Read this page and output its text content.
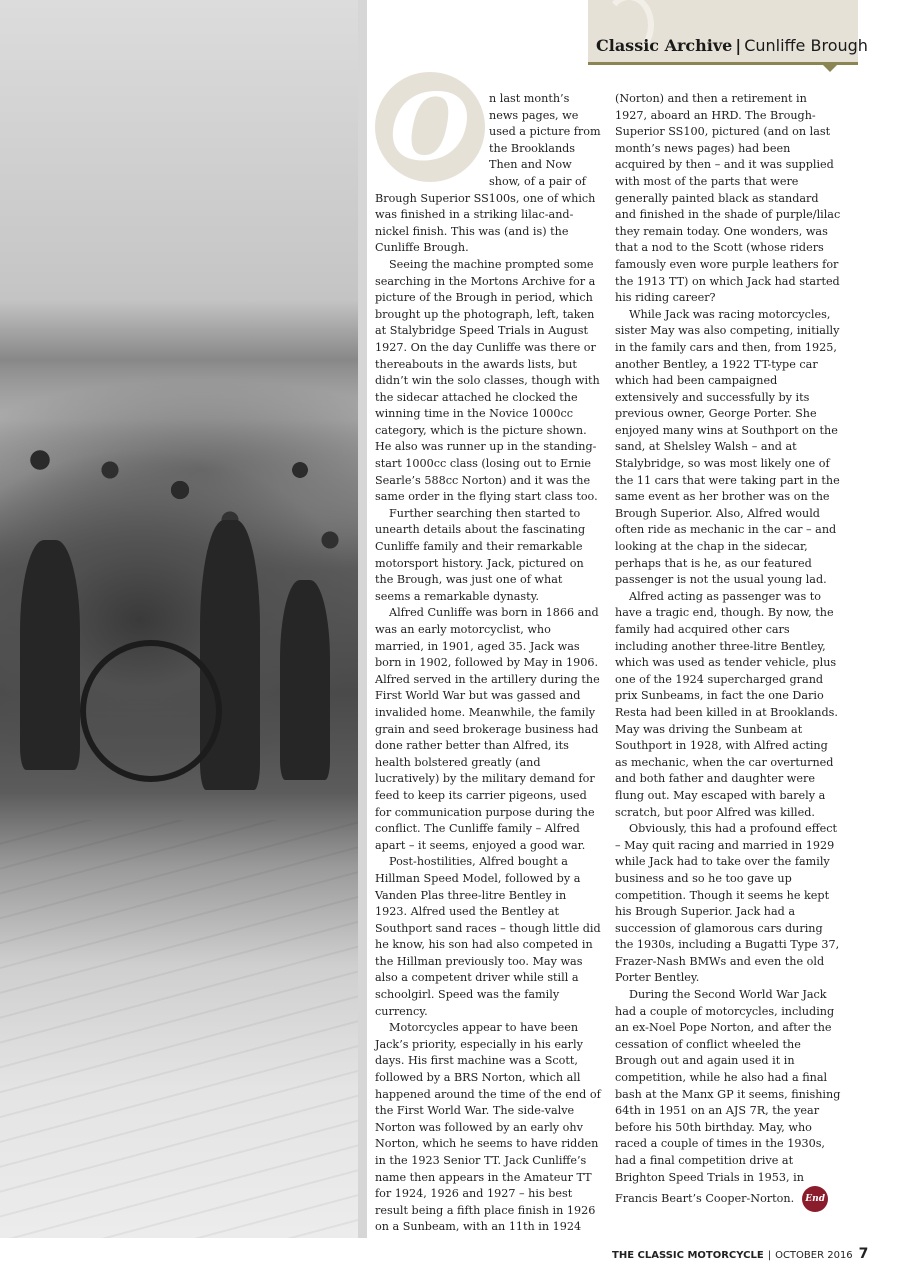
Classic Archive | Cunliffe Brough
O	n last month’s news pages, we used a picture from the Brooklands Then and Now show, of a pair of Brough Superior SS100s, one of which was finished in a striking lilac-and-nickel finish. This was (and is) the Cunliffe Brough.

Seeing the machine prompted some searching in the Mortons Archive for a picture of the Brough in period, which brought up the photograph, left, taken at Stalybridge Speed Trials in August 1927. On the day Cunliffe was there or thereabouts in the awards lists, but didn’t win the solo classes, though with the sidecar attached he clocked the winning time in the Novice 1000cc category, which is the picture shown. He also was runner up in the standing-start 1000cc class (losing out to Ernie Searle’s 588cc Norton) and it was the same order in the flying start class too.

Further searching then started to unearth details about the fascinating Cunliffe family and their remarkable motorsport history. Jack, pictured on the Brough, was just one of what seems a remarkable dynasty.

Alfred Cunliffe was born in 1866 and was an early motorcyclist, who married, in 1901, aged 35. Jack was born in 1902, followed by May in 1906. Alfred served in the artillery during the First World War but was gassed and invalided home. Meanwhile, the family grain and seed brokerage business had done rather better than Alfred, its health bolstered greatly (and lucratively) by the military demand for feed to keep its carrier pigeons, used for communication purpose during the conflict. The Cunliffe family – Alfred apart – it seems, enjoyed a good war.

Post-hostilities, Alfred bought a Hillman Speed Model, followed by a Vanden Plas three-litre Bentley in 1923. Alfred used the Bentley at Southport sand races – though little did he know, his son had also competed in the Hillman previously too. May was also a competent driver while still a schoolgirl. Speed was the family currency.

Motorcycles appear to have been Jack’s priority, especially in his early days. His first machine was a Scott, followed by a BRS Norton, which all happened around the time of the end of the First World War. The side-valve Norton was followed by an early ohv Norton, which he seems to have ridden in the 1923 Senior TT. Jack Cunliffe’s name then appears in the Amateur TT for 1924, 1926 and 1927 – his best result being a fifth place finish in 1926 on a Sunbeam, with an 11th in 1924

(Norton) and then a retirement in 1927, aboard an HRD. The Brough-Superior SS100, pictured (and on last month’s news pages) had been acquired by then – and it was supplied with most of the parts that were generally painted black as standard and finished in the shade of purple/lilac they remain today. One wonders, was that a nod to the Scott (whose riders famously even wore purple leathers for the 1913 TT) on which Jack had started his riding career?

While Jack was racing motorcycles, sister May was also competing, initially in the family cars and then, from 1925, another Bentley, a 1922 TT-type car which had been campaigned extensively and successfully by its previous owner, George Porter. She enjoyed many wins at Southport on the sand, at Shelsley Walsh – and at Stalybridge, so was most likely one of the 11 cars that were taking part in the same event as her brother was on the Brough Superior. Also, Alfred would often ride as mechanic in the car – and looking at the chap in the sidecar, perhaps that is he, as our featured passenger is not the usual young lad.

Alfred acting as passenger was to have a tragic end, though. By now, the family had acquired other cars including another three-litre Bentley, which was used as tender vehicle, plus one of the 1924 supercharged grand prix Sunbeams, in fact the one Dario Resta had been killed in at Brooklands. May was driving the Sunbeam at Southport in 1928, with Alfred acting as mechanic, when the car overturned and both father and daughter were flung out. May escaped with barely a scratch, but poor Alfred was killed.

Obviously, this had a profound effect – May quit racing and married in 1929 while Jack had to take over the family business and so he too gave up competition. Though it seems he kept his Brough Superior. Jack had a succession of glamorous cars during the 1930s, including a Bugatti Type 37, Frazer-Nash BMWs and even the old Porter Bentley.

During the Second World War Jack had a couple of motorcycles, including an ex-Noel Pope Norton, and after the cessation of conflict wheeled the Brough out and again used it in competition, while he also had a final bash at the Manx GP it seems, finishing 64th in 1951 on an AJS 7R, the year before his 50th birthday. May, who raced a couple of times in the 1930s, had a final competition drive at Brighton Speed Trials in 1953, in Francis Beart’s Cooper-Norton. End

THE CLASSIC MOTORCYCLE | OCTOBER 2016 7
